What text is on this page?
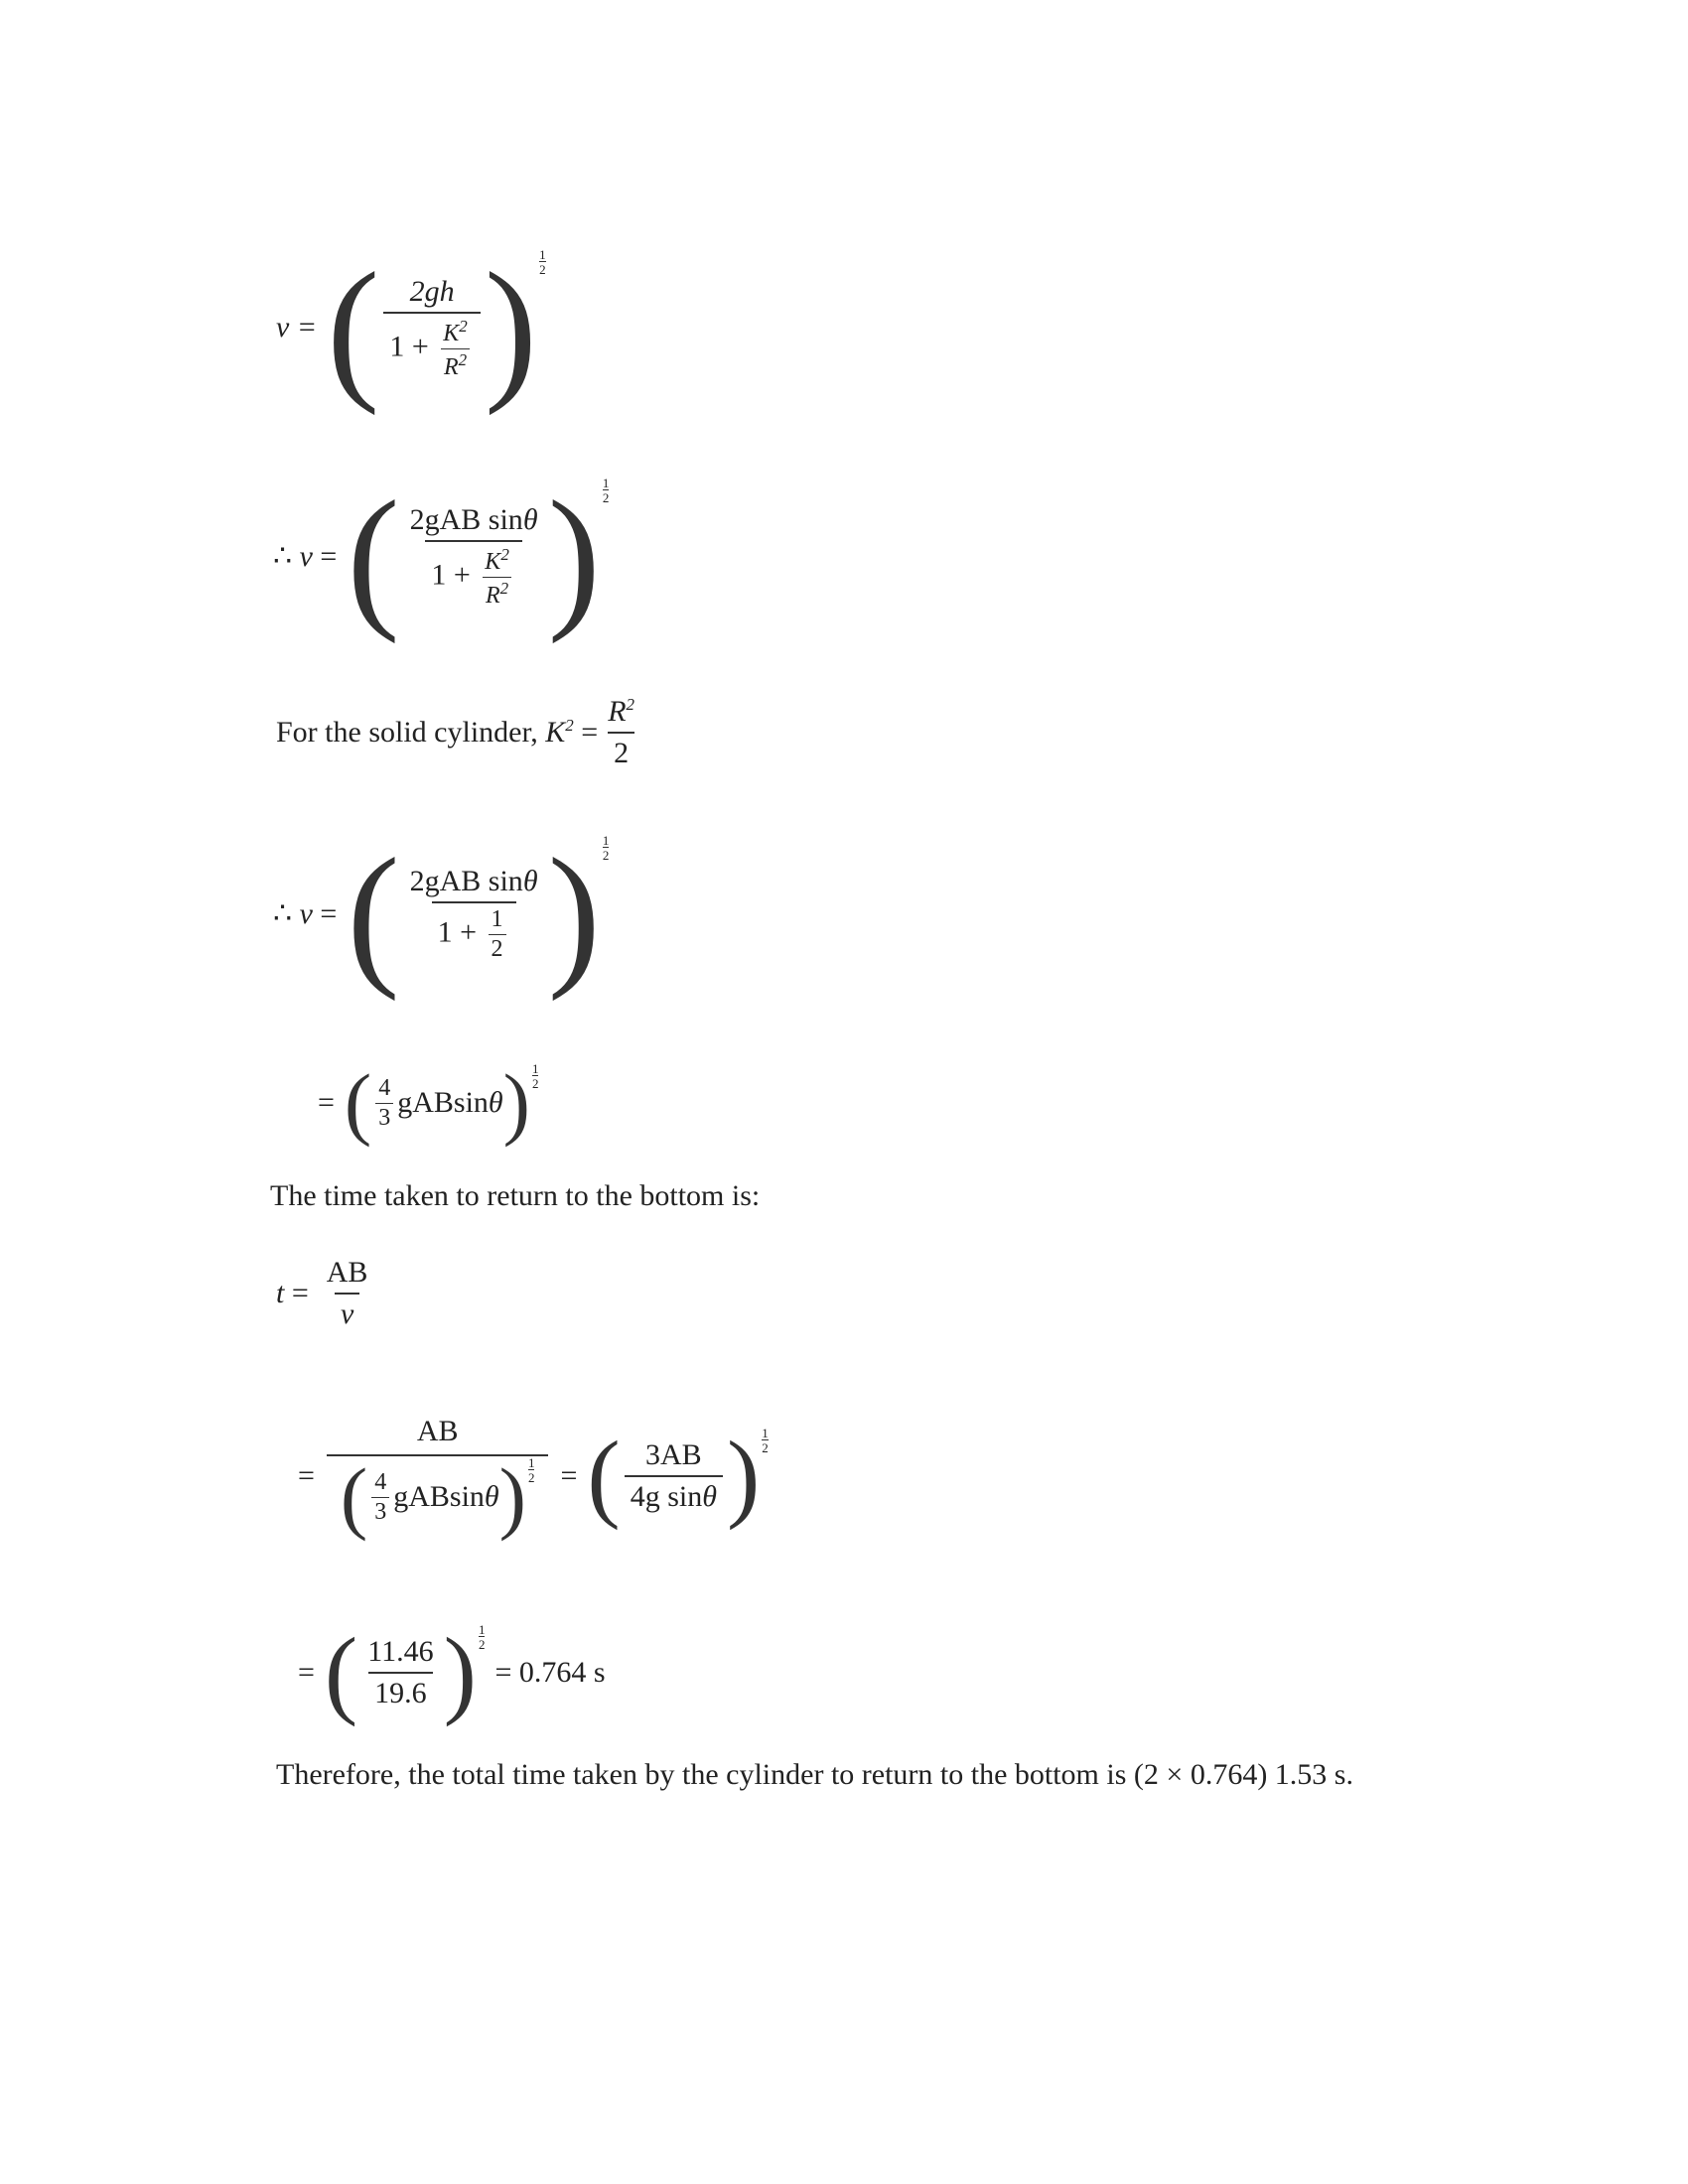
v = ( $\frac{2gh}{1 + \frac{K^2}{R^2}}$ ) 1
2
∴ v = ( $\frac{\text{2gAB sinθ}}{1 + \frac{K^2}{R^2}}$ ) 1
2
For the solid cylinder,
$K^2$
= $\frac{R^2}{2}$
∴ v = ( $\frac{\text{2gAB sinθ}}{1 + \frac{1}{2}}$ ) 1
2
= ( $\frac{4}{3}$ gABsin θ ) 1
2

The time taken to return to the bottom is:

$t = \frac{AB}{v}$
=
AB
( $\frac{4}{3}$ gABsin θ ) 1
2 = ( $\frac{3AB}{\text{4g sinθ}}$ ) 1
2
= ( $\frac{11.46}{19.6}$ ) 1
2
= 0.764 s

Therefore, the total time taken by the cylinder to return to the bottom is (2 × 0.764) 1.53 s.
